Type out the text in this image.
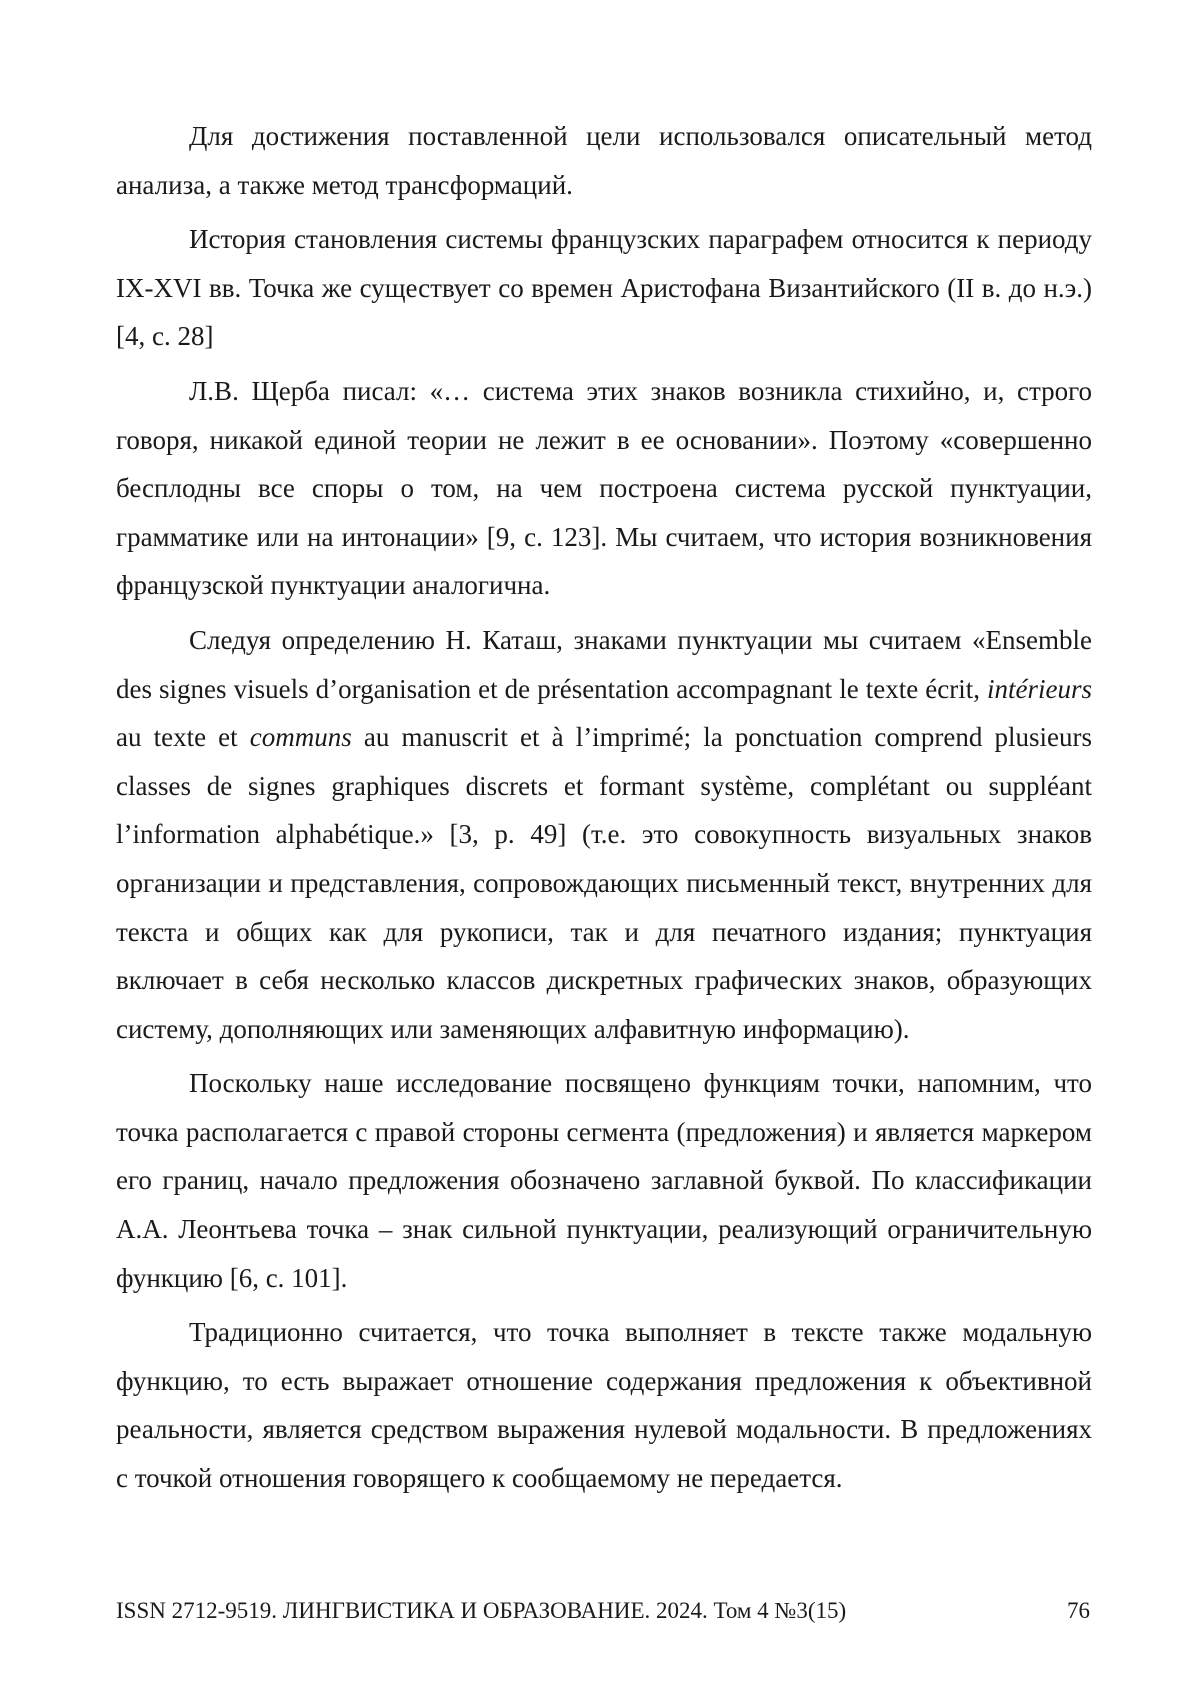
Для достижения поставленной цели использовался описательный метод анализа, а также метод трансформаций.

История становления системы французских параграфем относится к периоду IX-XVI вв. Точка же существует со времен Аристофана Византийского (II в. до н.э.) [4, с. 28]

Л.В. Щерба писал: «… система этих знаков возникла стихийно, и, строго говоря, никакой единой теории не лежит в ее основании». Поэтому «совершенно бесплодны все споры о том, на чем построена система русской пунктуации, грамматике или на интонации» [9, с. 123]. Мы считаем, что история возникновения французской пунктуации аналогична.

Следуя определению Н. Каташ, знаками пунктуации мы считаем «Ensemble des signes visuels d’organisation et de présentation accompagnant le texte écrit, intérieurs au texte et communs au manuscrit et à l’imprimé; la ponctuation comprend plusieurs classes de signes graphiques discrets et formant système, complétant ou suppléant l’information alphabétique.» [3, p. 49] (т.е. это совокупность визуальных знаков организации и представления, сопровождающих письменный текст, внутренних для текста и общих как для рукописи, так и для печатного издания; пунктуация включает в себя несколько классов дискретных графических знаков, образующих систему, дополняющих или заменяющих алфавитную информацию).

Поскольку наше исследование посвящено функциям точки, напомним, что точка располагается с правой стороны сегмента (предложения) и является маркером его границ, начало предложения обозначено заглавной буквой. По классификации А.А. Леонтьева точка – знак сильной пунктуации, реализующий ограничительную функцию [6, с. 101].

Традиционно считается, что точка выполняет в тексте также модальную функцию, то есть выражает отношение содержания предложения к объективной реальности, является средством выражения нулевой модальности. В предложениях с точкой отношения говорящего к сообщаемому не передается.

ISSN 2712-9519. ЛИНГВИСТИКА И ОБРАЗОВАНИЕ. 2024. Том 4 №3(15)	76
